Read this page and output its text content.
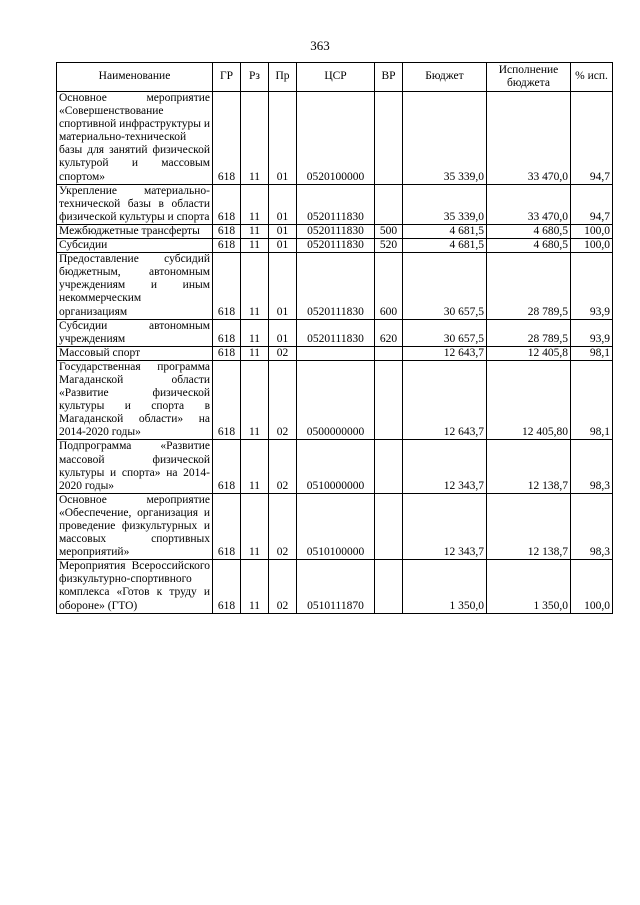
363
Наименование	ГР	Рз	Пр	ЦСР	ВР	Бюджет	Исполнение бюджета	% исп.
Основное мероприятие «Совершенствование спортивной инфраструктуры и материально-технической базы для занятий физической культурой и массовым спортом»	618	11	01	0520100000		35 339,0	33 470,0	94,7
Укрепление материально-технической базы в области физической культуры и спорта	618	11	01	0520111830		35 339,0	33 470,0	94,7
Межбюджетные трансферты	618	11	01	0520111830	500	4 681,5	4 680,5	100,0
Субсидии	618	11	01	0520111830	520	4 681,5	4 680,5	100,0
Предоставление субсидий бюджетным, автономным учреждениям и иным некоммерческим организациям	618	11	01	0520111830	600	30 657,5	28 789,5	93,9
Субсидии автономным учреждениям	618	11	01	0520111830	620	30 657,5	28 789,5	93,9
Массовый спорт	618	11	02			12 643,7	12 405,8	98,1
Государственная программа Магаданской области «Развитие физической культуры и спорта в Магаданской области» на 2014-2020 годы»	618	11	02	0500000000		12 643,7	12 405,80	98,1
Подпрограмма «Развитие массовой физической культуры и спорта» на 2014-2020 годы»	618	11	02	0510000000		12 343,7	12 138,7	98,3
Основное мероприятие «Обеспечение, организация и проведение физкультурных и массовых спортивных мероприятий»	618	11	02	0510100000		12 343,7	12 138,7	98,3
Мероприятия Всероссийского физкультурно-спортивного комплекса «Готов к труду и обороне» (ГТО)	618	11	02	0510111870		1 350,0	1 350,0	100,0
